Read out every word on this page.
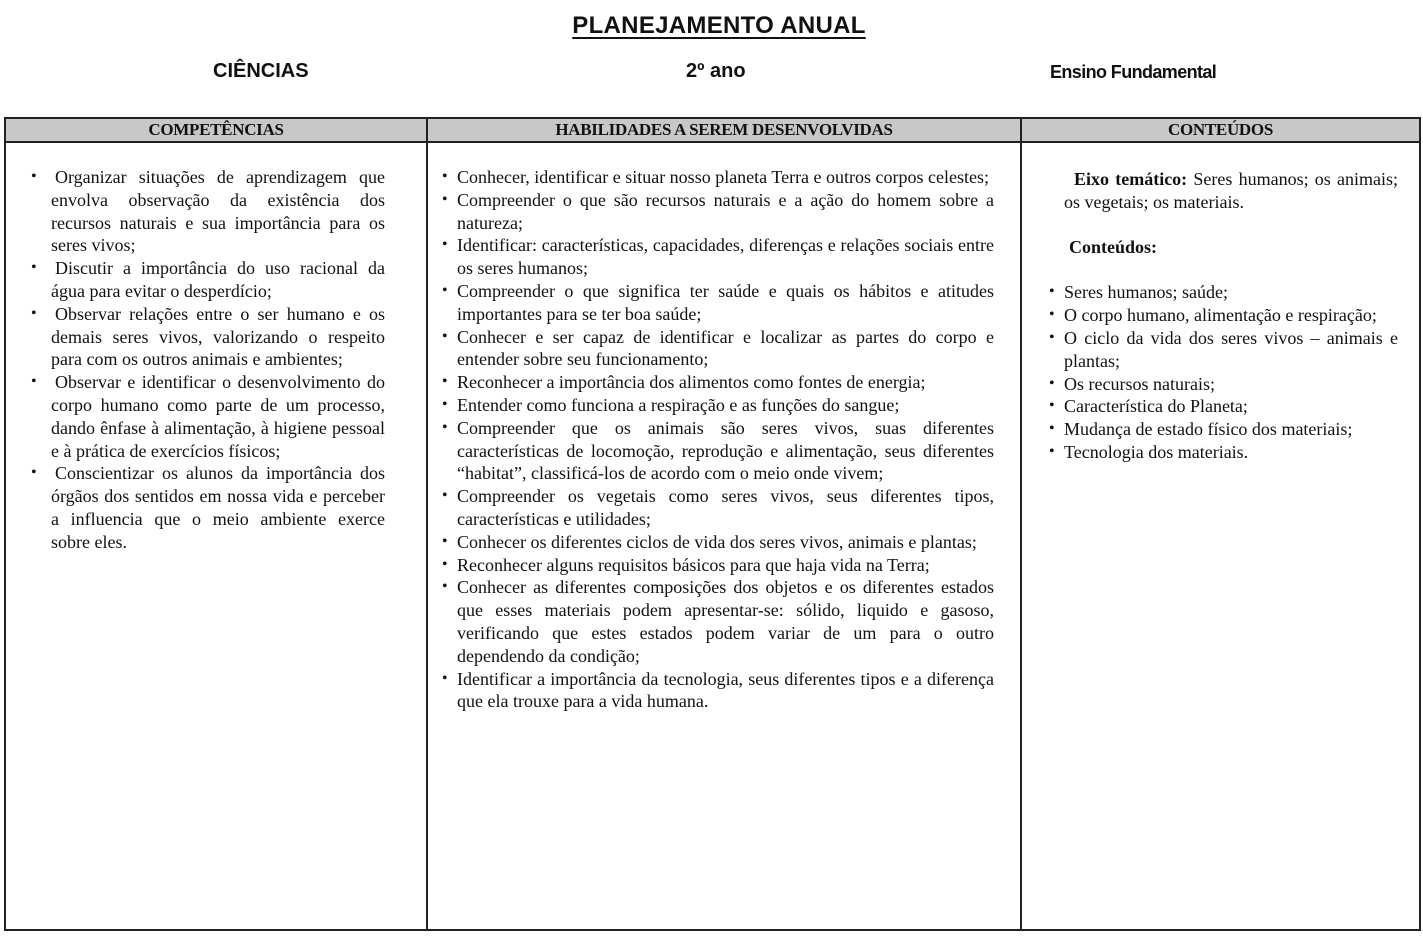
PLANEJAMENTO ANUAL
CIÊNCIAS	2º ano	Ensino Fundamental
COMPETÊNCIAS
• Organizar situações de aprendizagem que envolva observação da existência dos recursos naturais e sua importância para os seres vivos;
• Discutir a importância do uso racional da água para evitar o desperdício;
• Observar relações entre o ser humano e os demais seres vivos, valorizando o respeito para com os outros animais e ambientes;
• Observar e identificar o desenvolvimento do corpo humano como parte de um processo, dando ênfase à alimentação, à higiene pessoal e à prática de exercícios físicos;
• Conscientizar os alunos da importância dos órgãos dos sentidos em nossa vida e perceber a influencia que o meio ambiente exerce sobre eles.
HABILIDADES A SEREM DESENVOLVIDAS
• Conhecer, identificar e situar nosso planeta Terra e outros corpos celestes;
• Compreender o que são recursos naturais e a ação do homem sobre a natureza;
• Identificar: características, capacidades, diferenças e relações sociais entre os seres humanos;
• Compreender o que significa ter saúde e quais os hábitos e atitudes importantes para se ter boa saúde;
• Conhecer e ser capaz de identificar e localizar as partes do corpo e entender sobre seu funcionamento;
• Reconhecer a importância dos alimentos como fontes de energia;
• Entender como funciona a respiração e as funções do sangue;
• Compreender que os animais são seres vivos, suas diferentes características de locomoção, reprodução e alimentação, seus diferentes “habitat”, classificá-los de acordo com o meio onde vivem;
• Compreender os vegetais como seres vivos, seus diferentes tipos, características e utilidades;
• Conhecer os diferentes ciclos de vida dos seres vivos, animais e plantas;
• Reconhecer alguns requisitos básicos para que haja vida na Terra;
• Conhecer as diferentes composições dos objetos e os diferentes estados que esses materiais podem apresentar-se: sólido, liquido e gasoso, verificando que estes estados podem variar de um para o outro dependendo da condição;
• Identificar a importância da tecnologia, seus diferentes tipos e a diferença que ela trouxe para a vida humana.
CONTEÚDOS

Eixo temático: Seres humanos; os animais; os vegetais; os materiais.

Conteúdos:
• Seres humanos; saúde;
• O corpo humano, alimentação e respiração;
• O ciclo da vida dos seres vivos – animais e plantas;
• Os recursos naturais;
• Característica do Planeta;
• Mudança de estado físico dos materiais;
• Tecnologia dos materiais.
